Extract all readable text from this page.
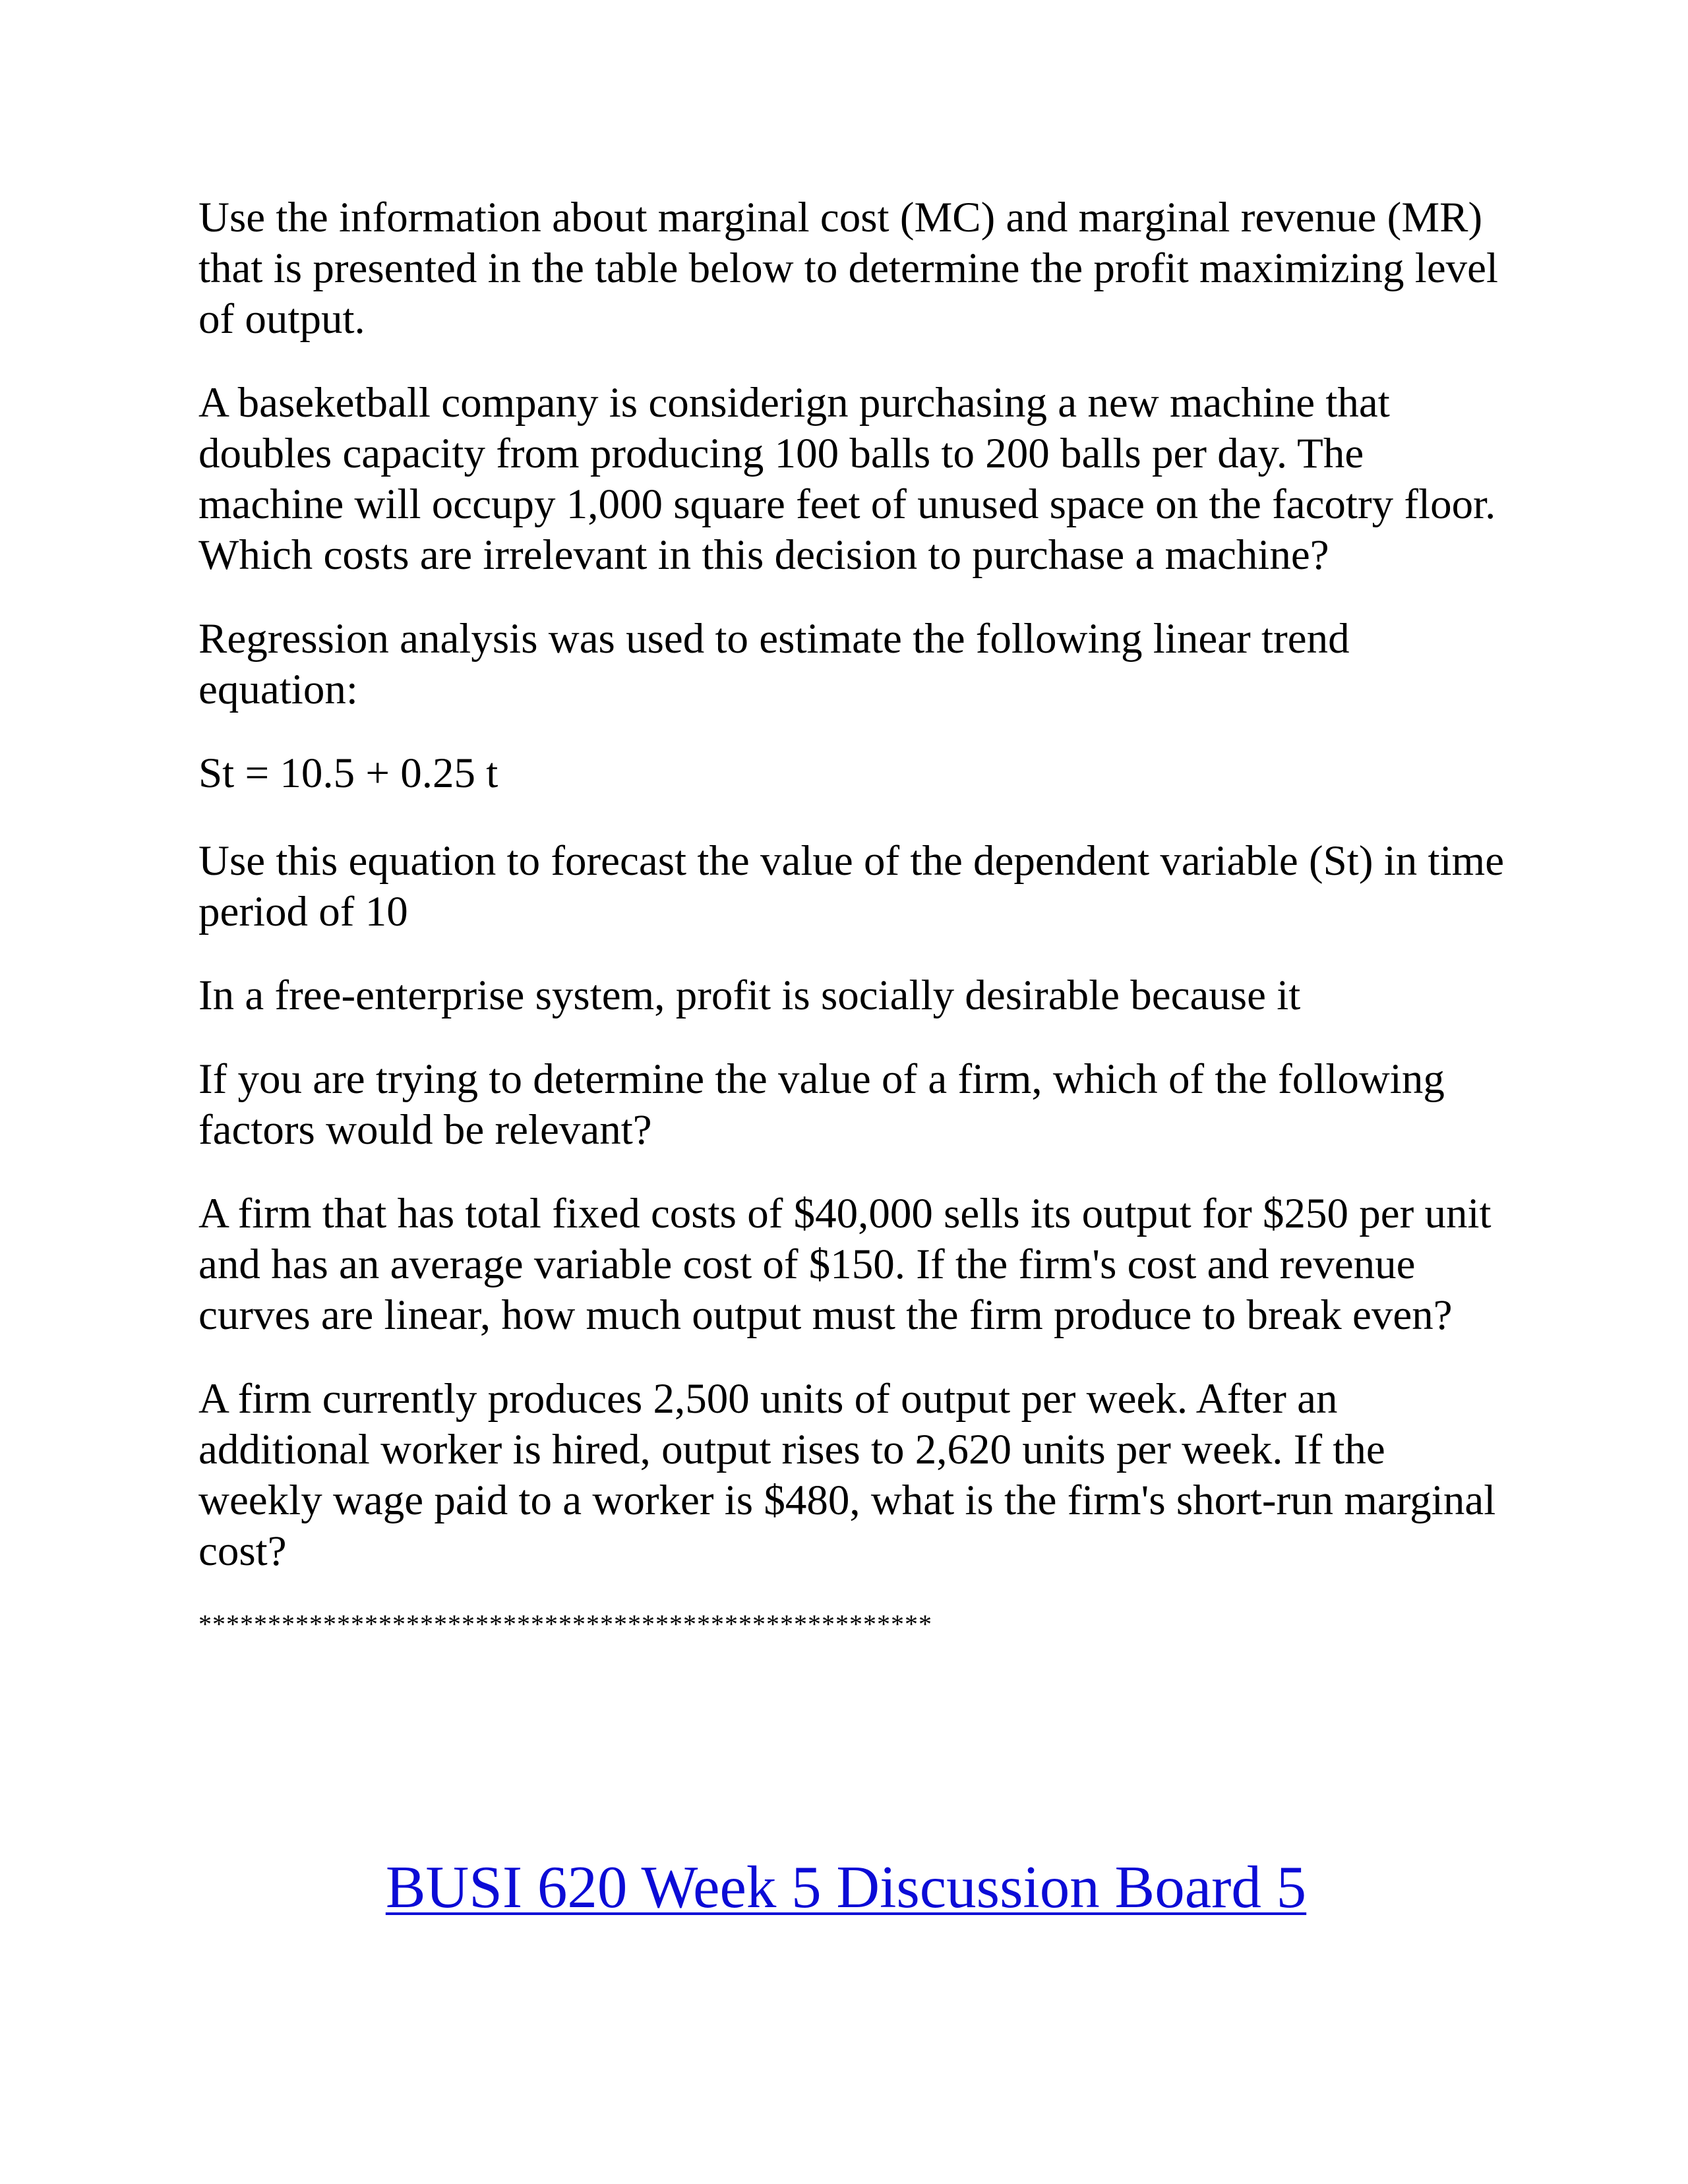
Use the information about marginal cost (MC) and marginal revenue (MR) that is presented in the table below to determine the profit maximizing level of output.

A baseketball company is considerign purchasing a new machine that doubles capacity from producing 100 balls to 200 balls per day. The machine will occupy 1,000 square feet of unused space on the facotry floor. Which costs are irrelevant in this decision to purchase a machine?

Regression analysis was used to estimate the following linear trend equation:

St = 10.5 + 0.25 t

Use this equation to forecast the value of the dependent variable (St) in time period of 10

In a free-enterprise system, profit is socially desirable because it

If you are trying to determine the value of a firm, which of the following factors would be relevant?

A firm that has total fixed costs of $40,000 sells its output for $250 per unit and has an average variable cost of $150. If the firm's cost and revenue curves are linear, how much output must the firm produce to break even?

A firm currently produces 2,500 units of output per week. After an additional worker is hired, output rises to 2,620 units per week. If the weekly wage paid to a worker is $480, what is the firm's short-run marginal cost?

*****************************************************
BUSI 620 Week 5 Discussion Board 5
